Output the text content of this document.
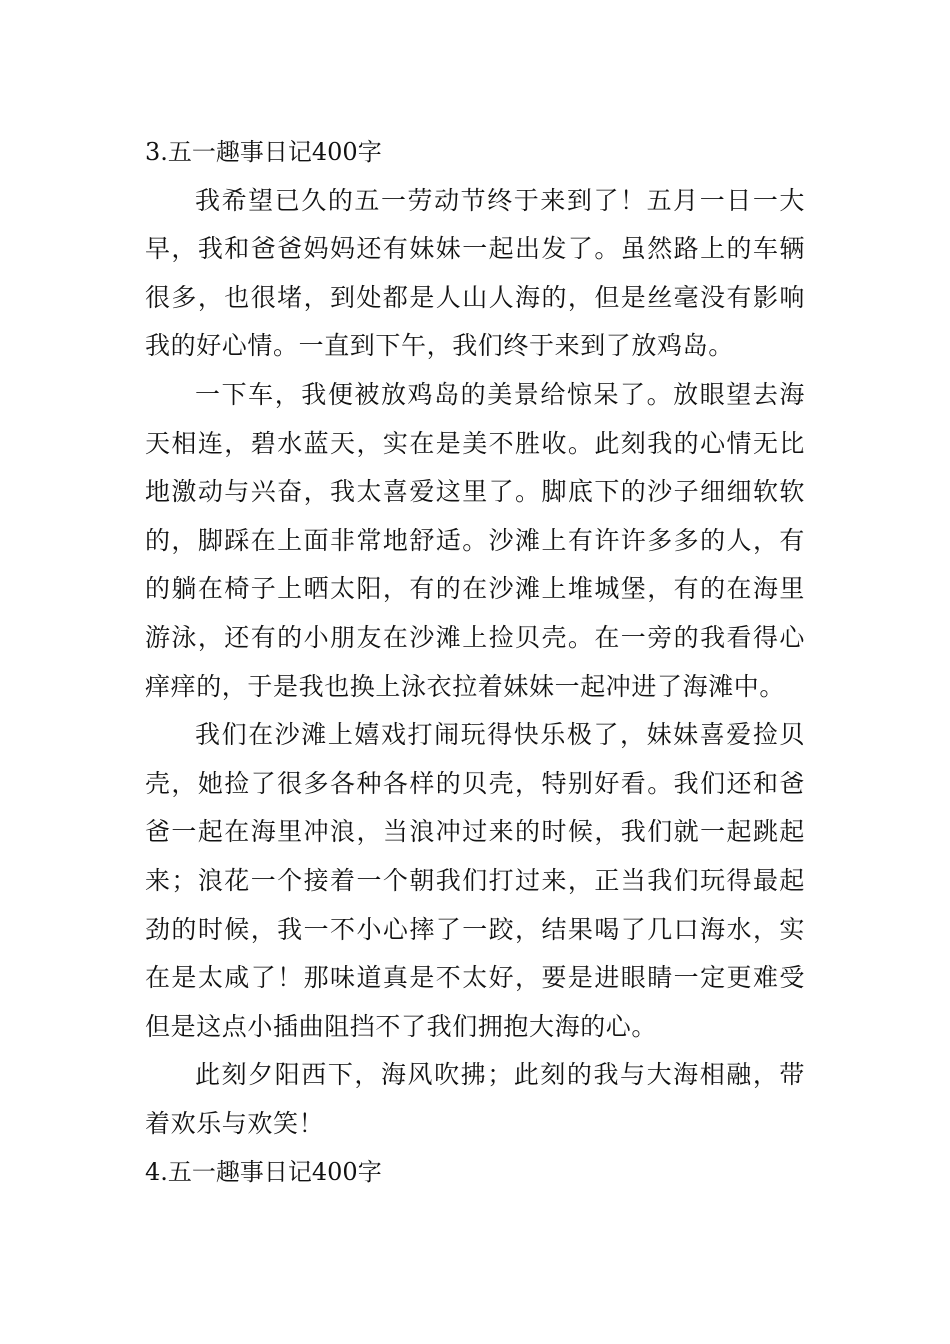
3.五一趣事日记400字

我希望已久的五一劳动节终于来到了！五月一日一大早，我和爸爸妈妈还有妹妹一起出发了。虽然路上的车辆很多，也很堵，到处都是人山人海的，但是丝毫没有影响我的好心情。一直到下午，我们终于来到了放鸡岛。

一下车，我便被放鸡岛的美景给惊呆了。放眼望去海天相连，碧水蓝天，实在是美不胜收。此刻我的心情无比地激动与兴奋，我太喜爱这里了。脚底下的沙子细细软软的，脚踩在上面非常地舒适。沙滩上有许许多多的人，有的躺在椅子上晒太阳，有的在沙滩上堆城堡，有的在海里游泳，还有的小朋友在沙滩上捡贝壳。在一旁的我看得心痒痒的，于是我也换上泳衣拉着妹妹一起冲进了海滩中。

我们在沙滩上嬉戏打闹玩得快乐极了，妹妹喜爱捡贝壳，她捡了很多各种各样的贝壳，特别好看。我们还和爸爸一起在海里冲浪，当浪冲过来的时候，我们就一起跳起来；浪花一个接着一个朝我们打过来，正当我们玩得最起劲的时候，我一不小心摔了一跤，结果喝了几口海水，实在是太咸了！那味道真是不太好，要是进眼睛一定更难受但是这点小插曲阻挡不了我们拥抱大海的心。

此刻夕阳西下，海风吹拂；此刻的我与大海相融，带着欢乐与欢笑！

4.五一趣事日记400字
